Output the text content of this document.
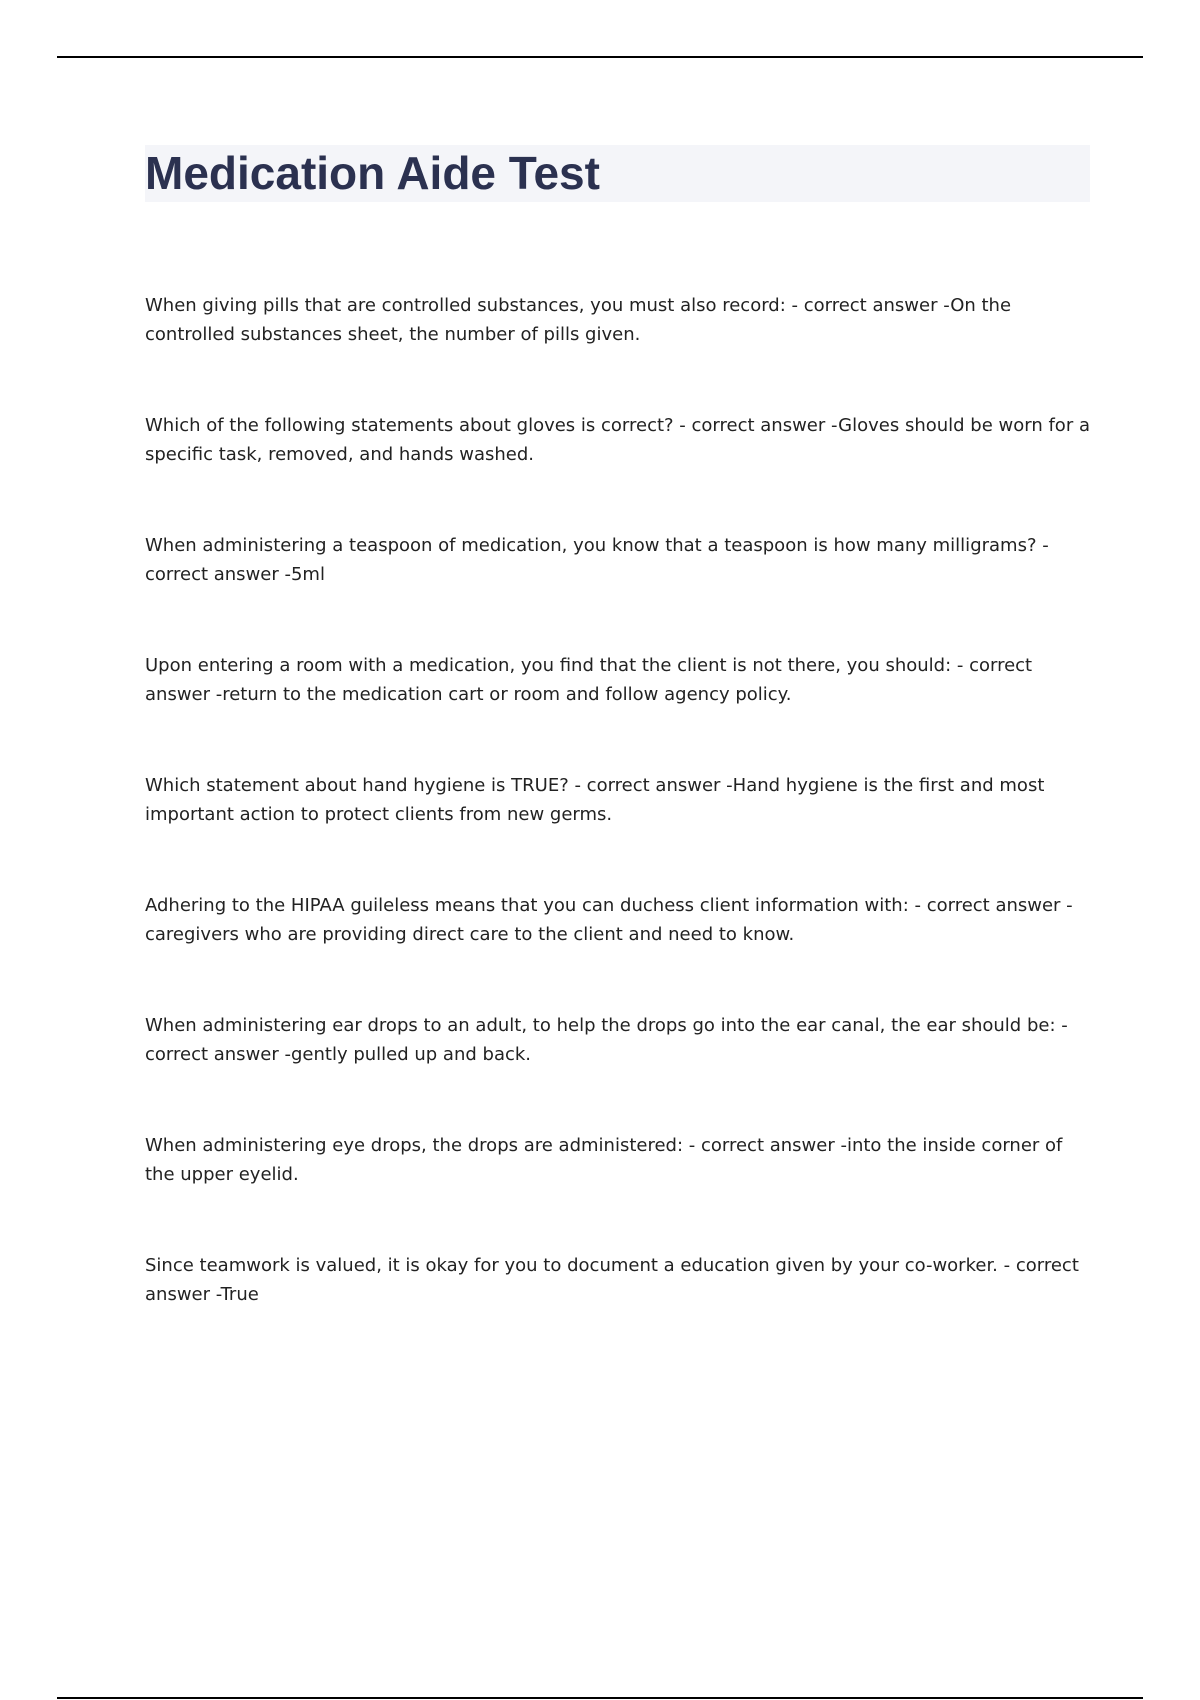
Medication Aide Test

When giving pills that are controlled substances, you must also record: - correct answer -On the controlled substances sheet, the number of pills given.

Which of the following statements about gloves is correct? - correct answer -Gloves should be worn for a specific task, removed, and hands washed.

When administering a teaspoon of medication, you know that a teaspoon is how many milligrams? - correct answer -5ml

Upon entering a room with a medication, you find that the client is not there, you should: - correct answer -return to the medication cart or room and follow agency policy.

Which statement about hand hygiene is TRUE? - correct answer -Hand hygiene is the first and most important action to protect clients from new germs.

Adhering to the HIPAA guileless means that you can duchess client information with: - correct answer -caregivers who are providing direct care to the client and need to know.

When administering ear drops to an adult, to help the drops go into the ear canal, the ear should be: -correct answer -gently pulled up and back.

When administering eye drops, the drops are administered: - correct answer -into the inside corner of the upper eyelid.

Since teamwork is valued, it is okay for you to document a education given by your co-worker. - correct answer -True
